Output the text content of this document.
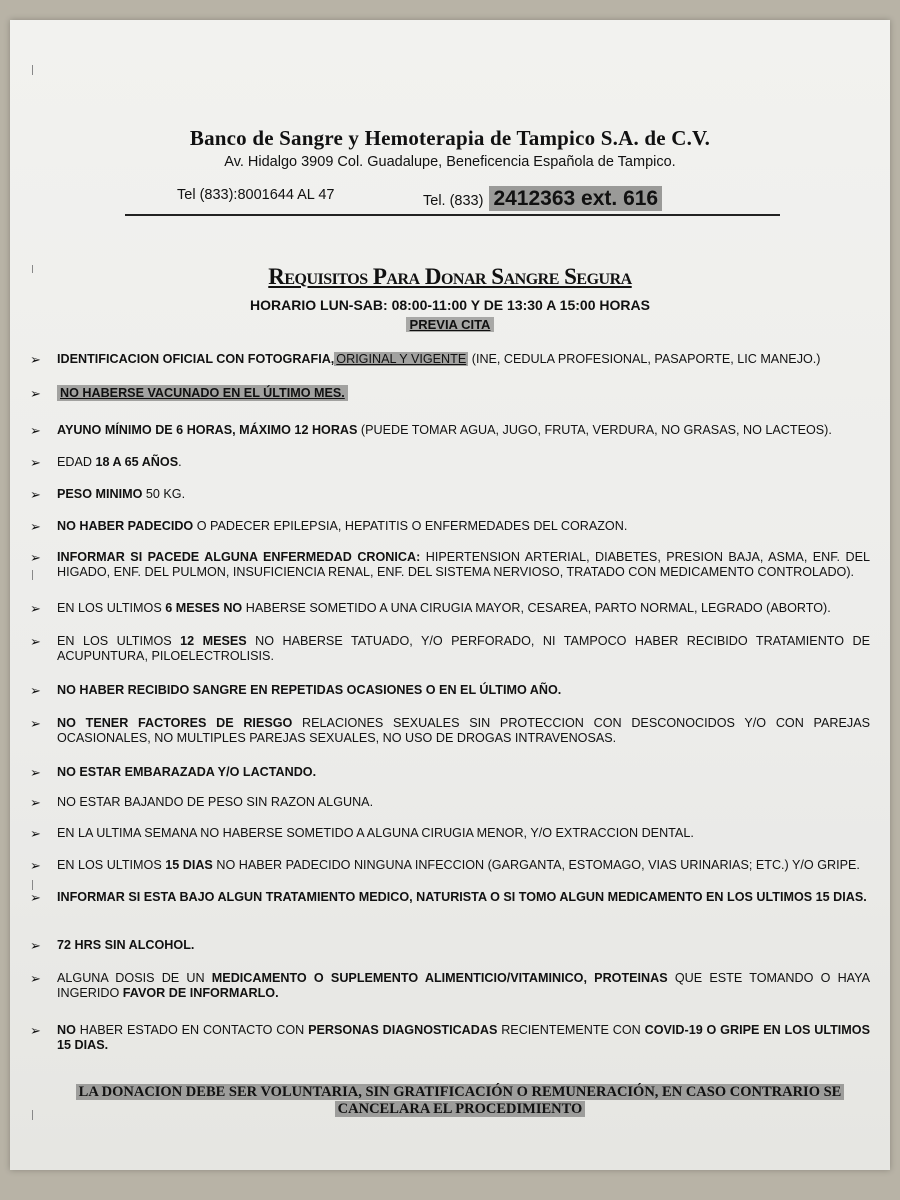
Banco de Sangre y Hemoterapia de Tampico S.A. de C.V.
Av. Hidalgo 3909 Col. Guadalupe, Beneficencia Española de Tampico.
Tel (833):8001644 AL 47	Tel. (833) 2412363 ext. 616
Requisitos Para Donar Sangre Segura
HORARIO LUN-SAB: 08:00-11:00 Y DE 13:30 A 15:00 HORAS
PREVIA CITA
➢ IDENTIFICACION OFICIAL CON FOTOGRAFIA, ORIGINAL Y VIGENTE (INE, CEDULA PROFESIONAL, PASAPORTE, LIC MANEJO.)
➢ NO HABERSE VACUNADO EN EL ÚLTIMO MES.
➢ AYUNO MÍNIMO DE 6 HORAS, MÁXIMO 12 HORAS (PUEDE TOMAR AGUA, JUGO, FRUTA, VERDURA, NO GRASAS, NO LACTEOS).
➢ EDAD 18 A 65 AÑOS.
➢ PESO MINIMO 50 KG.
➢ NO HABER PADECIDO O PADECER EPILEPSIA, HEPATITIS O ENFERMEDADES DEL CORAZON.
➢ INFORMAR SI PACEDE ALGUNA ENFERMEDAD CRONICA: HIPERTENSION ARTERIAL, DIABETES, PRESION BAJA, ASMA, ENF. DEL HIGADO, ENF. DEL PULMON, INSUFICIENCIA RENAL, ENF. DEL SISTEMA NERVIOSO, TRATADO CON MEDICAMENTO CONTROLADO).
➢ EN LOS ULTIMOS 6 MESES NO HABERSE SOMETIDO A UNA CIRUGIA MAYOR, CESAREA, PARTO NORMAL, LEGRADO (ABORTO).
➢ EN LOS ULTIMOS 12 MESES NO HABERSE TATUADO, Y/O PERFORADO, NI TAMPOCO HABER RECIBIDO TRATAMIENTO DE ACUPUNTURA, PILOELECTROLISIS.
➢ NO HABER RECIBIDO SANGRE EN REPETIDAS OCASIONES O EN EL ÚLTIMO AÑO.
➢ NO TENER FACTORES DE RIESGO RELACIONES SEXUALES SIN PROTECCION CON DESCONOCIDOS Y/O CON PAREJAS OCASIONALES, NO MULTIPLES PAREJAS SEXUALES, NO USO DE DROGAS INTRAVENOSAS.
➢ NO ESTAR EMBARAZADA Y/O LACTANDO.
➢ NO ESTAR BAJANDO DE PESO SIN RAZON ALGUNA.
➢ EN LA ULTIMA SEMANA NO HABERSE SOMETIDO A ALGUNA CIRUGIA MENOR, Y/O EXTRACCION DENTAL.
➢ EN LOS ULTIMOS 15 DIAS NO HABER PADECIDO NINGUNA INFECCION (GARGANTA, ESTOMAGO, VIAS URINARIAS; ETC.) Y/O GRIPE.
➢ INFORMAR SI ESTA BAJO ALGUN TRATAMIENTO MEDICO, NATURISTA O SI TOMO ALGUN MEDICAMENTO EN LOS ULTIMOS 15 DIAS.
➢ 72 HRS SIN ALCOHOL.
➢ ALGUNA DOSIS DE UN MEDICAMENTO O SUPLEMENTO ALIMENTICIO/VITAMINICO, PROTEINAS QUE ESTE TOMANDO O HAYA INGERIDO FAVOR DE INFORMARLO.
➢ NO HABER ESTADO EN CONTACTO CON PERSONAS DIAGNOSTICADAS RECIENTEMENTE CON COVID-19 O GRIPE EN LOS ULTIMOS 15 DIAS.
LA DONACION DEBE SER VOLUNTARIA, SIN GRATIFICACIÓN O REMUNERACIÓN, EN CASO CONTRARIO SE
CANCELARA EL PROCEDIMIENTO
